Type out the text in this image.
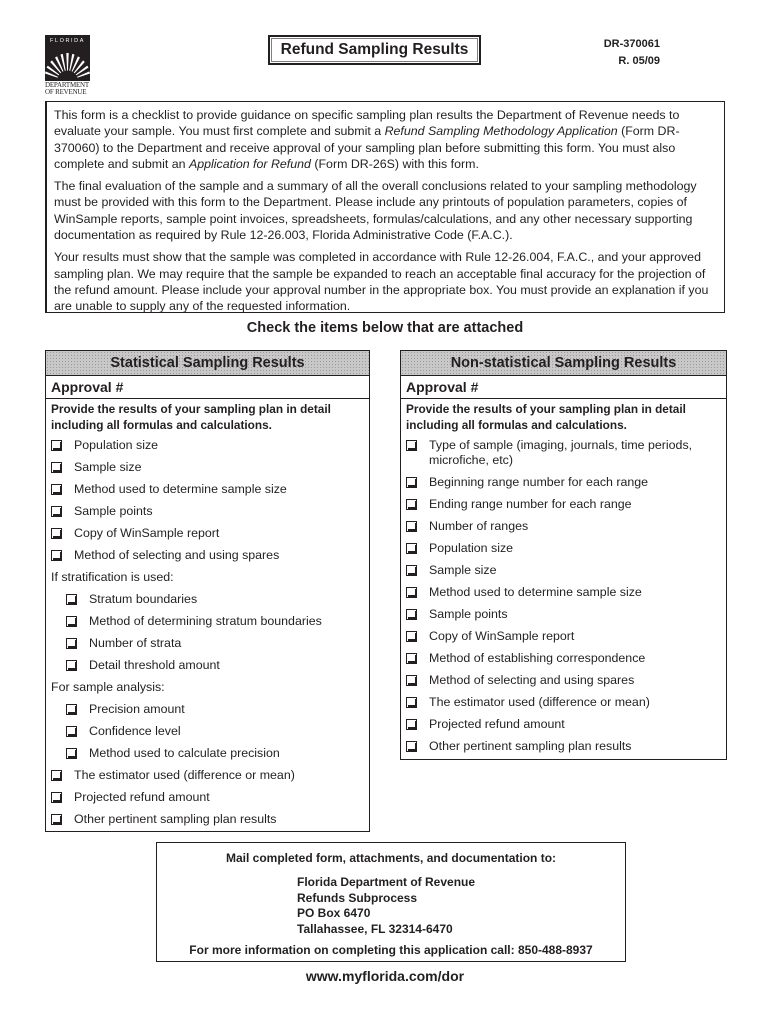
FLORIDA
DEPARTMENT
OF REVENUE
Refund Sampling Results	DR-370061
R. 05/09

This form is a checklist to provide guidance on specific sampling plan results the Department of Revenue needs to evaluate your sample. You must first complete and submit a Refund Sampling Methodology Application (Form DR-370060) to the Department and receive approval of your sampling plan before submitting this form. You must also complete and submit an Application for Refund (Form DR-26S) with this form.

The final evaluation of the sample and a summary of all the overall conclusions related to your sampling methodology must be provided with this form to the Department. Please include any printouts of population parameters, copies of WinSample reports, sample point invoices, spreadsheets, formulas/calculations, and any other necessary supporting documentation as required by Rule 12-26.003, Florida Administrative Code (F.A.C.).

Your results must show that the sample was completed in accordance with Rule 12-26.004, F.A.C., and your approved sampling plan. We may require that the sample be expanded to reach an acceptable final accuracy for the projection of the refund amount. Please include your approval number in the appropriate box. You must provide an explanation if you are unable to supply any of the requested information.

Check the items below that are attached
Statistical Sampling Results
Approval #
Provide the results of your sampling plan in detail including all formulas and calculations.
Population size
Sample size
Method used to determine sample size
Sample points
Copy of WinSample report
Method of selecting and using spares
If stratification is used:
Stratum boundaries
Method of determining stratum boundaries
Number of strata
Detail threshold amount
For sample analysis:
Precision amount
Confidence level
Method used to calculate precision
The estimator used (difference or mean)
Projected refund amount
Other pertinent sampling plan results
Non-statistical Sampling Results
Approval #
Provide the results of your sampling plan in detail including all formulas and calculations.
Type of sample (imaging, journals, time periods, microfiche, etc)
Beginning range number for each range
Ending range number for each range
Number of ranges
Population size
Sample size
Method used to determine sample size
Sample points
Copy of WinSample report
Method of establishing correspondence
Method of selecting and using spares
The estimator used (difference or mean)
Projected refund amount
Other pertinent sampling plan results
Mail completed form, attachments, and documentation to:
Florida Department of Revenue
Refunds Subprocess
PO Box 6470
Tallahassee, FL 32314-6470
For more information on completing this application call: 850-488-8937
www.myflorida.com/dor
